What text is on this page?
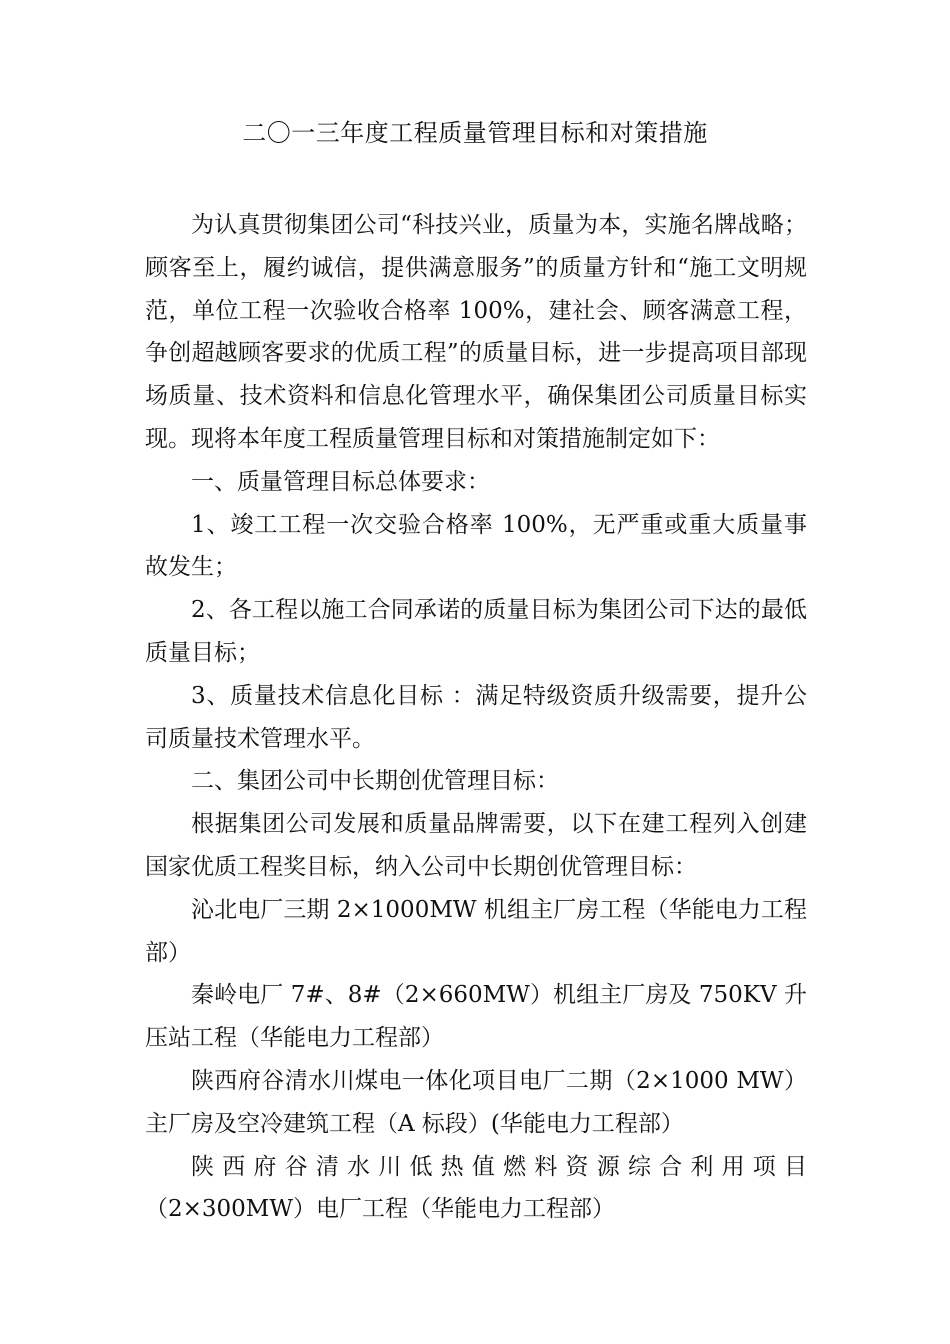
二〇一三年度工程质量管理目标和对策措施

为认真贯彻集团公司“科技兴业，质量为本，实施名牌战略；顾客至上，履约诚信，提供满意服务”的质量方针和“施工文明规范，单位工程一次验收合格率 100%，建社会、顾客满意工程，争创超越顾客要求的优质工程”的质量目标，进一步提高项目部现场质量、技术资料和信息化管理水平，确保集团公司质量目标实现。现将本年度工程质量管理目标和对策措施制定如下：

一、质量管理目标总体要求：

1、竣工工程一次交验合格率 100%，无严重或重大质量事故发生；

2、各工程以施工合同承诺的质量目标为集团公司下达的最低质量目标；

3、质量技术信息化目标 ：满足特级资质升级需要，提升公司质量技术管理水平。

二、集团公司中长期创优管理目标：

根据集团公司发展和质量品牌需要，以下在建工程列入创建国家优质工程奖目标，纳入公司中长期创优管理目标：

沁北电厂三期 2×1000MW 机组主厂房工程（华能电力工程部）

秦岭电厂 7#、8#（2×660MW）机组主厂房及 750KV 升压站工程（华能电力工程部）

陕西府谷清水川煤电一体化项目电厂二期（2×1000 MW）主厂房及空冷建筑工程（A 标段）(华能电力工程部）

陕西府谷清水川低热值燃料资源综合利用项目（2×300MW）电厂工程（华能电力工程部）
